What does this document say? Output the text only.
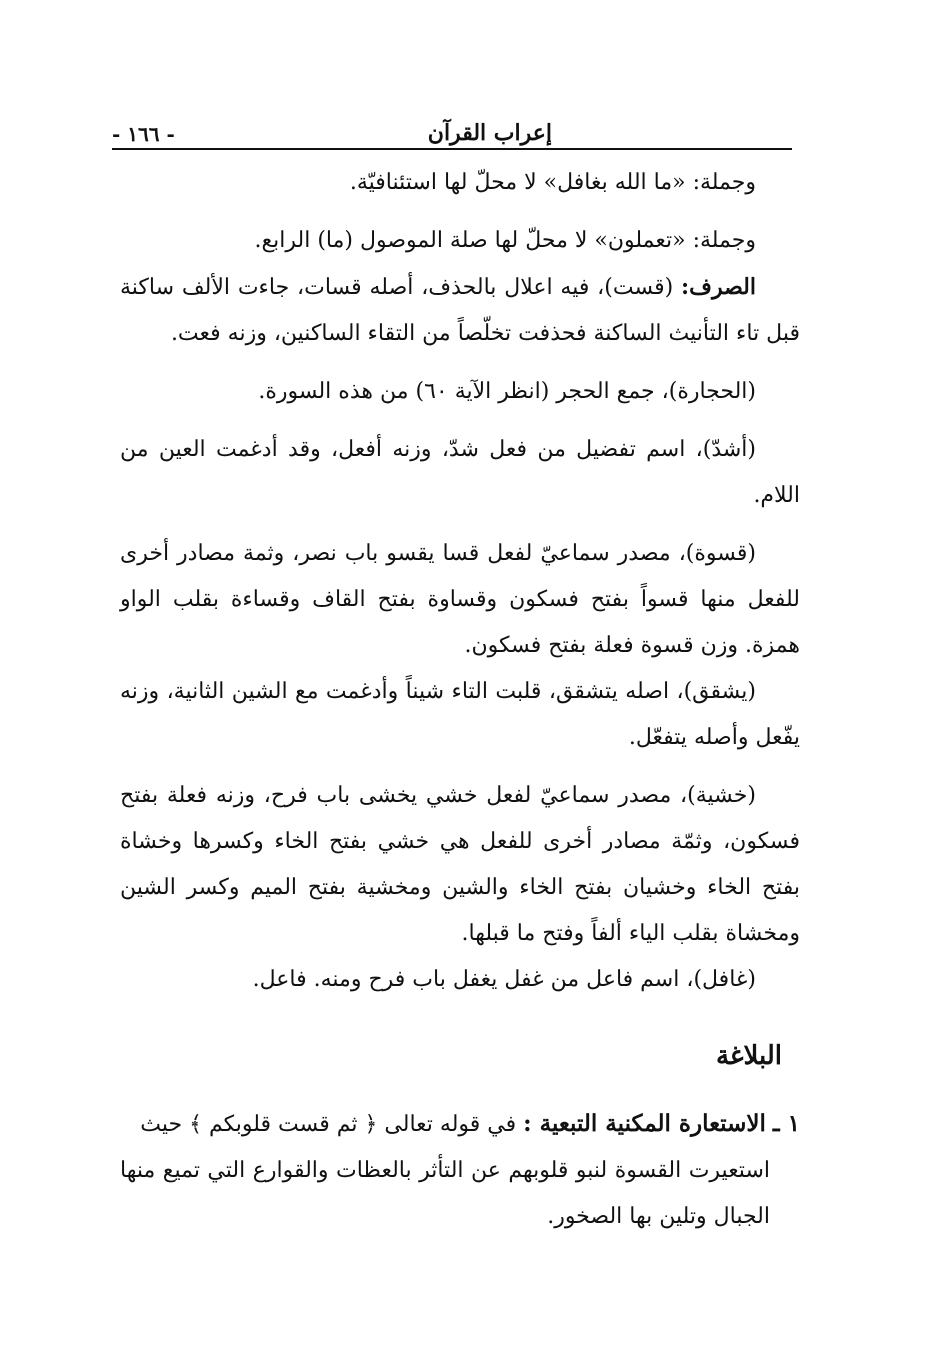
إعراب القرآن
- ١٦٦ -

وجملة: «ما الله بغافل» لا محلّ لها استئنافيّة.

وجملة: «تعملون» لا محلّ لها صلة الموصول (ما) الرابع.

الصرف: (قست)، فيه اعلال بالحذف، أصله قسات، جاءت الألف ساكنة قبل تاء التأنيث الساكنة فحذفت تخلّصاً من التقاء الساكنين، وزنه فعت.

(الحجارة)، جمع الحجر (انظر الآية ٦٠) من هذه السورة.

(أشدّ)، اسم تفضيل من فعل شدّ، وزنه أفعل، وقد أدغمت العين من اللام.

(قسوة)، مصدر سماعيّ لفعل قسا يقسو باب نصر، وثمة مصادر أخرى للفعل منها قسواً بفتح فسكون وقساوة بفتح القاف وقساءة بقلب الواو همزة. وزن قسوة فعلة بفتح فسكون.

(يشقق)، اصله يتشقق، قلبت التاء شيناً وأدغمت مع الشين الثانية، وزنه يفّعل وأصله يتفعّل.

(خشية)، مصدر سماعيّ لفعل خشي يخشى باب فرح، وزنه فعلة بفتح فسكون، وثمّة مصادر أخرى للفعل هي خشي بفتح الخاء وكسرها وخشاة بفتح الخاء وخشيان بفتح الخاء والشين ومخشية بفتح الميم وكسر الشين ومخشاة بقلب الياء ألفاً وفتح ما قبلها.

(غافل)، اسم فاعل من غفل يغفل باب فرح ومنه. فاعل.

البلاغة

١ ـ الاستعارة المكنية التبعية : في قوله تعالى ﴿ ثم قست قلوبكم ﴾ حيث

استعيرت القسوة لنبو قلوبهم عن التأثر بالعظات والقوارع التي تميع منها الجبال وتلين بها الصخور.
